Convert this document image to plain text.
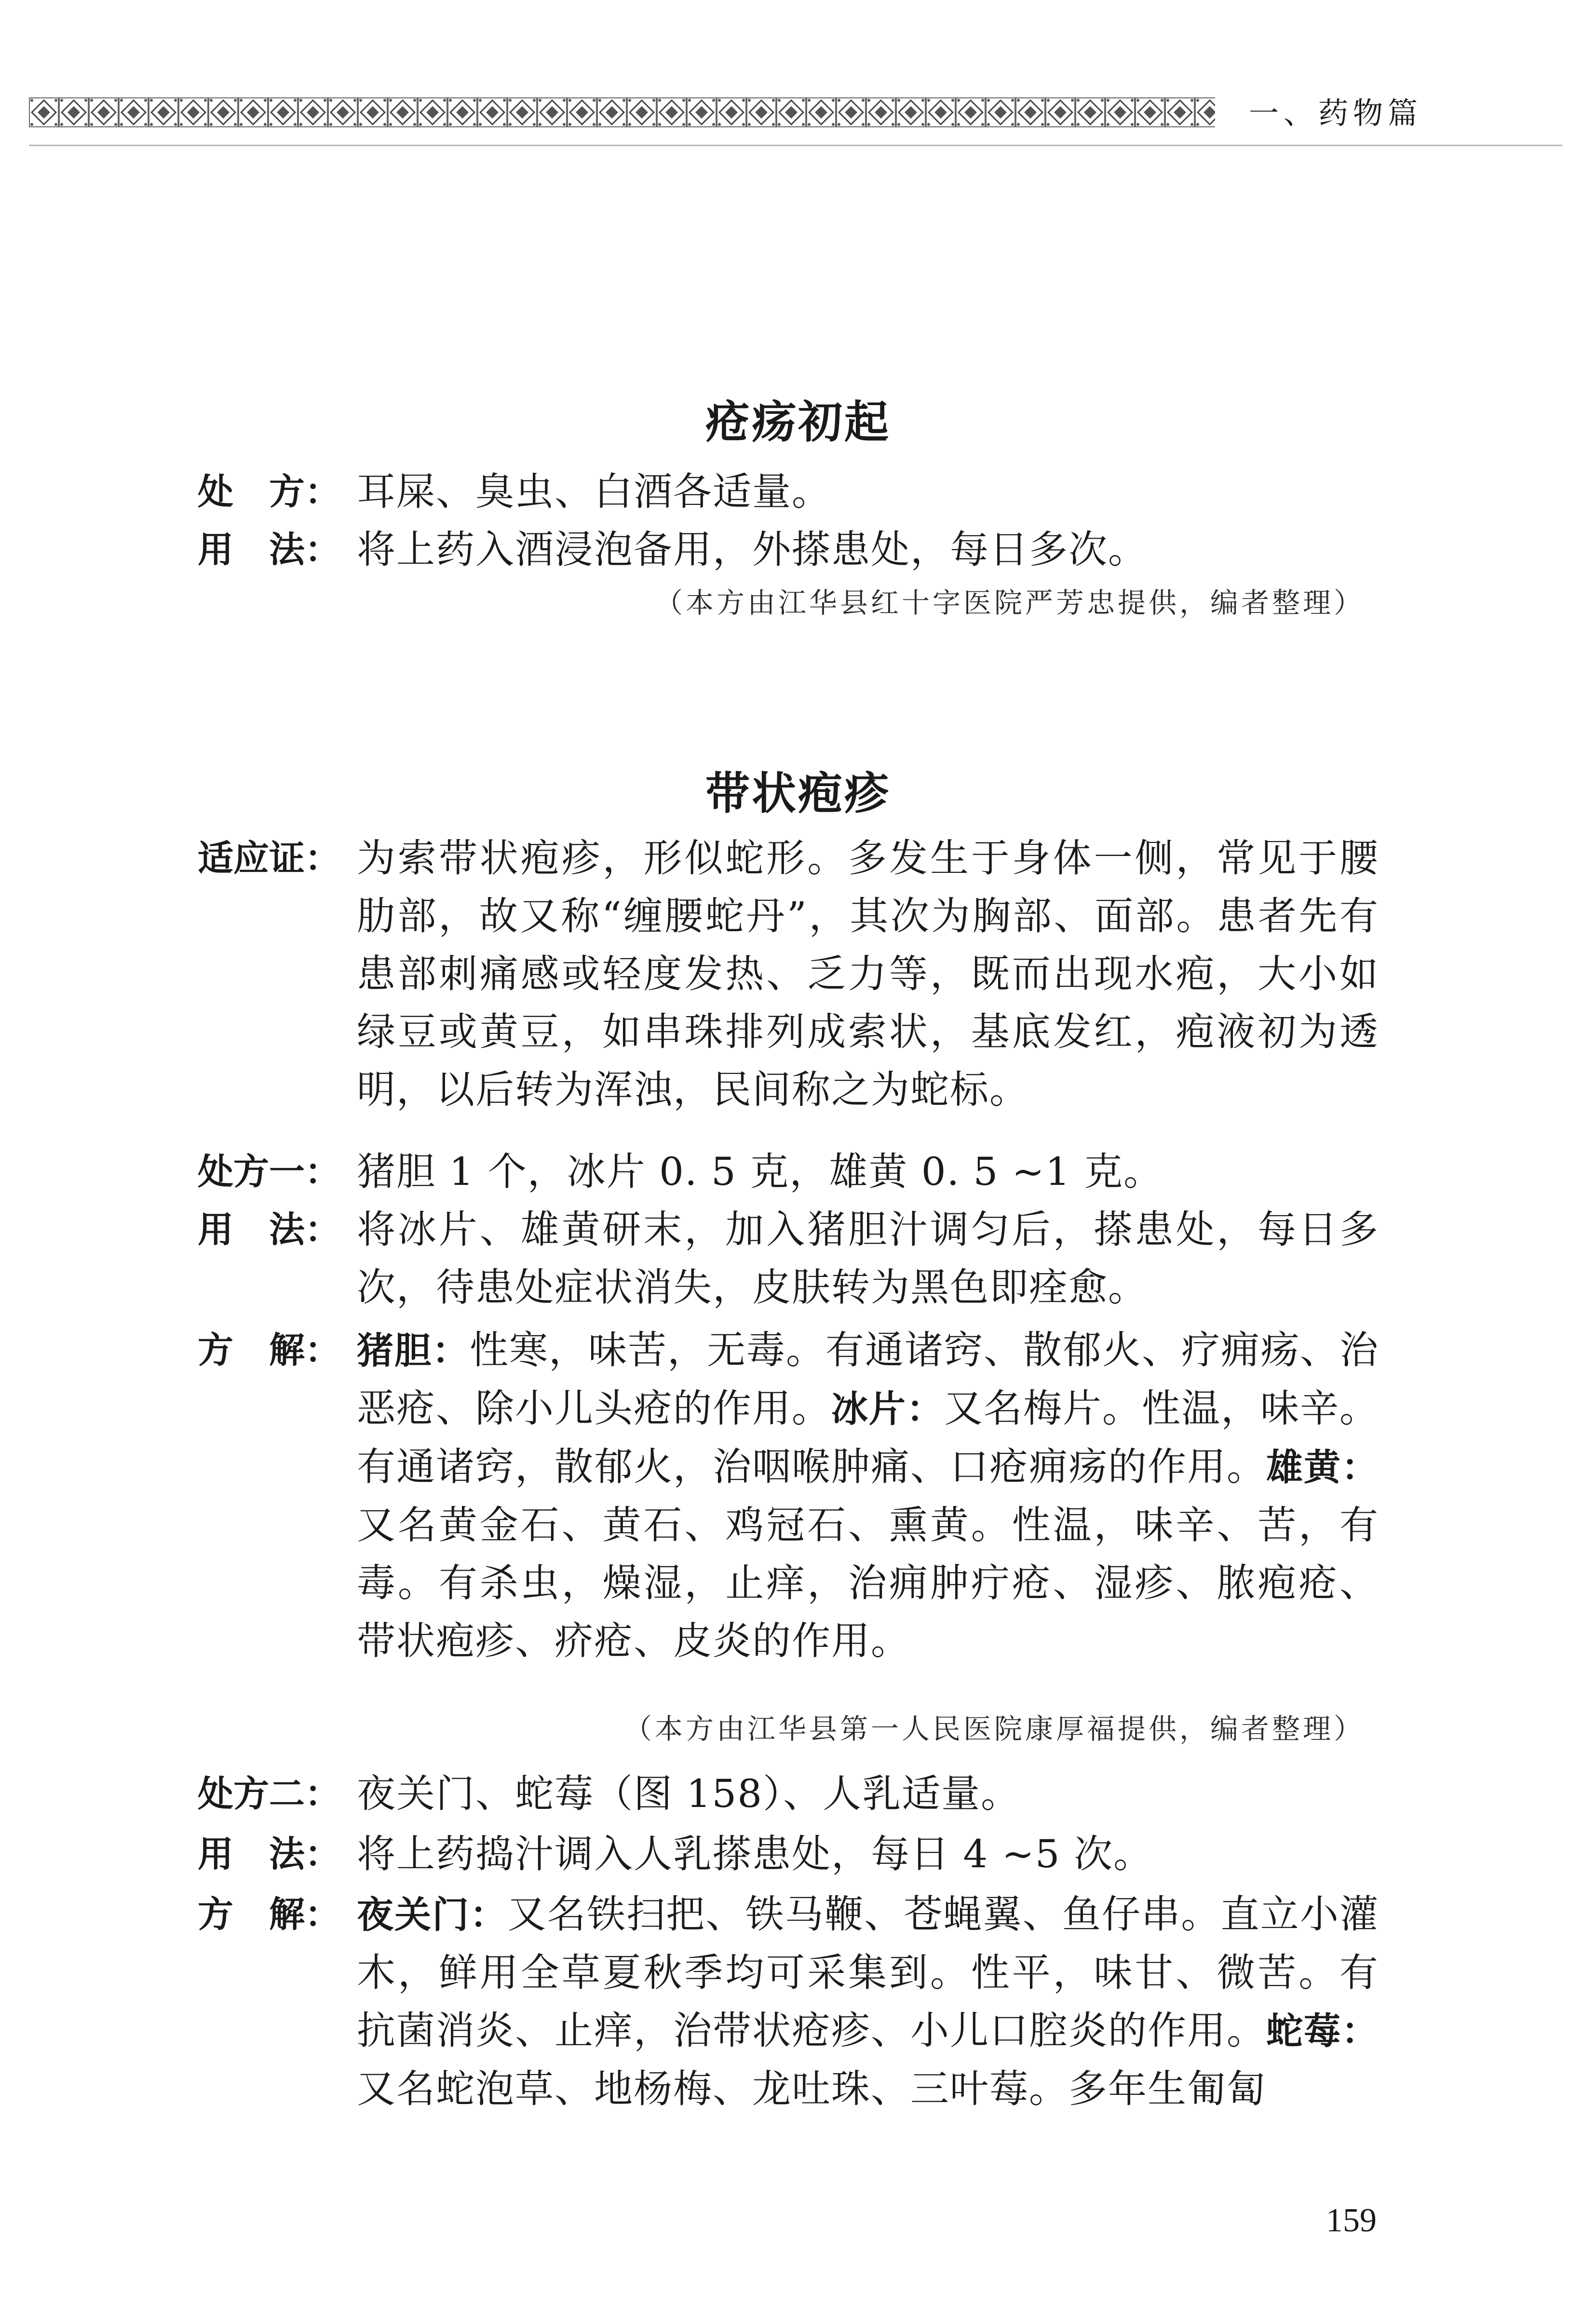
一、药物篇
疮疡初起
处　方： 耳屎、臭虫、白酒各适量。
用　法： 将上药入酒浸泡备用，外搽患处，每日多次。
（本方由江华县红十字医院严芳忠提供，编者整理）
带状疱疹
适应证： 为索带状疱疹，形似蛇形。多发生于身体一侧，常见于腰肋部，故又称“缠腰蛇丹”，其次为胸部、面部。患者先有患部刺痛感或轻度发热、乏力等，既而出现水疱，大小如绿豆或黄豆，如串珠排列成索状，基底发红，疱液初为透明，以后转为浑浊，民间称之为蛇标。
处方一： 猪胆 1 个，冰片 0. 5 克，雄黄 0. 5 ~1 克。
用　法： 将冰片、雄黄研末，加入猪胆汁调匀后，搽患处，每日多次，待患处症状消失，皮肤转为黑色即痊愈。
方　解： 猪胆：性寒，味苦，无毒。有通诸窍、散郁火、疗痈疡、治恶疮、除小儿头疮的作用。冰片：又名梅片。性温，味辛。有通诸窍，散郁火，治咽喉肿痛、口疮痈疡的作用。雄黄：又名黄金石、黄石、鸡冠石、熏黄。性温，味辛、苦，有毒。有杀虫，燥湿，止痒，治痈肿疔疮、湿疹、脓疱疮、带状疱疹、疥疮、皮炎的作用。
（本方由江华县第一人民医院康厚福提供，编者整理）
处方二： 夜关门、蛇莓（图 158）、人乳适量。
用　法： 将上药捣汁调入人乳搽患处，每日 4 ~5 次。
方　解： 夜关门：又名铁扫把、铁马鞭、苍蝇翼、鱼仔串。直立小灌木，鲜用全草夏秋季均可采集到。性平，味甘、微苦。有抗菌消炎、止痒，治带状疮疹、小儿口腔炎的作用。蛇莓：又名蛇泡草、地杨梅、龙吐珠、三叶莓。多年生匍匐
159
